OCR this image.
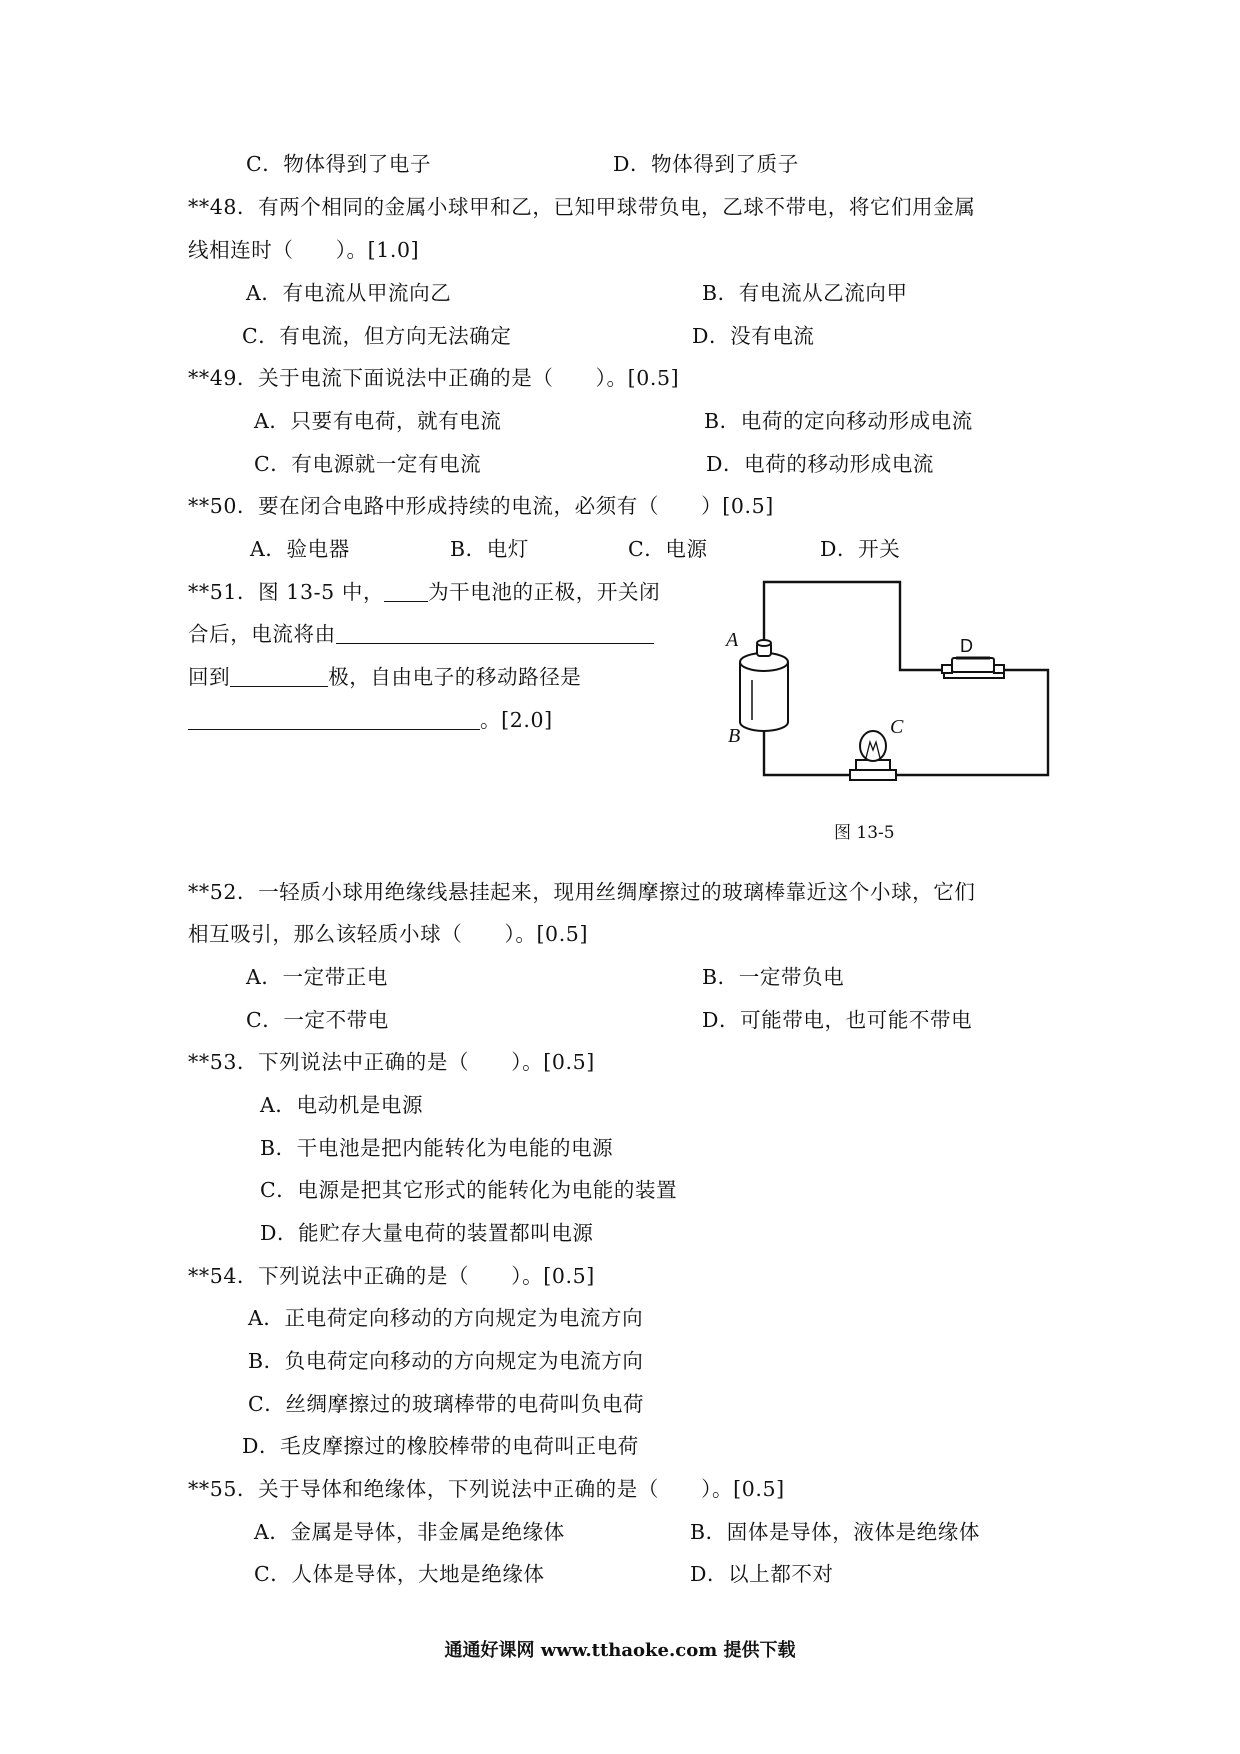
C．物体得到了电子	D．物体得到了质子
**48．有两个相同的金属小球甲和乙，已知甲球带负电，乙球不带电，将它们用金属
线相连时（　　）。[1.0]
A．有电流从甲流向乙	B．有电流从乙流向甲
C．有电流，但方向无法确定	D．没有电流
**49．关于电流下面说法中正确的是（　　）。[0.5]
A．只要有电荷，就有电流	B．电荷的定向移动形成电流
C．有电源就一定有电流	D．电荷的移动形成电流
**50．要在闭合电路中形成持续的电流，必须有（　　）[0.5]
A．验电器	B．电灯	C．电源	D．开关
**51．图 13-5 中， 为干电池的正极，开关闭
合后，电流将由
回到	极，自由电子的移动路径是
。[2.0]
A
B	C
D
图 13-5
**52．一轻质小球用绝缘线悬挂起来，现用丝绸摩擦过的玻璃棒靠近这个小球，它们
相互吸引，那么该轻质小球（　　）。[0.5]
A．一定带正电	B．一定带负电
C．一定不带电	D．可能带电，也可能不带电
**53．下列说法中正确的是（　　）。[0.5]
A．电动机是电源
B．干电池是把内能转化为电能的电源
C．电源是把其它形式的能转化为电能的装置
D．能贮存大量电荷的装置都叫电源
**54．下列说法中正确的是（　　）。[0.5]
A．正电荷定向移动的方向规定为电流方向
B．负电荷定向移动的方向规定为电流方向
C．丝绸摩擦过的玻璃棒带的电荷叫负电荷
D．毛皮摩擦过的橡胶棒带的电荷叫正电荷
**55．关于导体和绝缘体，下列说法中正确的是（　　）。[0.5]
A．金属是导体，非金属是绝缘体	B．固体是导体，液体是绝缘体
C．人体是导体，大地是绝缘体	D．以上都不对
通通好课网 www.tthaoke.com 提供下载
